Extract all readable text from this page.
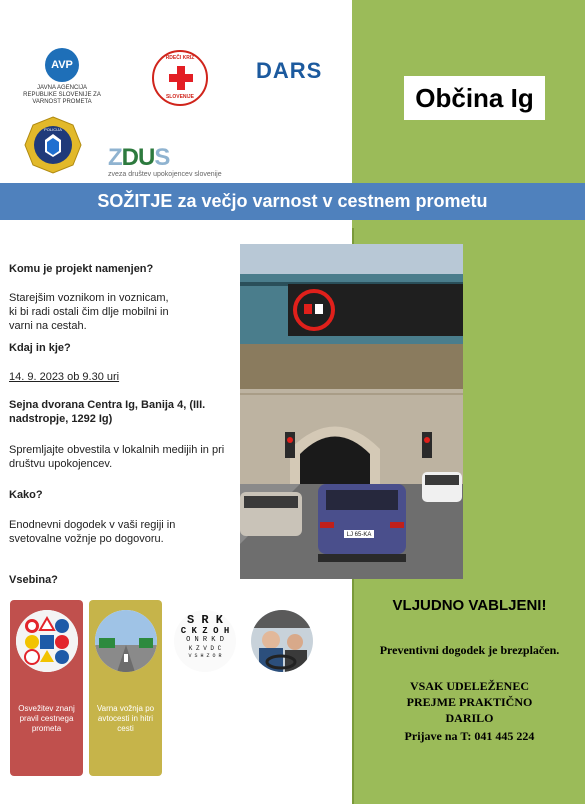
AVP
JAVNA AGENCIJA REPUBLIKE SLOVENIJE ZA VARNOST PROMETA
RDEČI KRIŽ
SLOVENIJE
DARS
POLICIJA
ZDUS
zveza društev upokojencev slovenije
Občina Ig
SOŽITJE za večjo varnost v cestnem prometu
Komu je projekt namenjen?
Starejšim voznikom in voznicam, ki bi radi ostali čim dlje mobilni in varni na cestah.
Kdaj in kje?
14. 9. 2023 ob 9.30 uri
Sejna dvorana Centra Ig, Banija 4, (III. nadstropje, 1292 Ig)
Spremljajte obvestila v lokalnih medijih in pri društvu upokojencev.
Kako?
Enodnevni dogodek v vaši regiji in svetovalne vožnje po dogovoru.
Vsebina?
LJ 65-KA
Osvežitev znanj pravil cestnega prometa
Varna vožnja po avtocesti in hitri cesti
S R K
C K Z O H
O N R K D
K Z V D C
V S H Z O R
Svetovanje o zdravstvenih kriterijih za vožnjo
Možnost svetovalne vožnje z ocenjevalcem na vozniškem izpitu
VLJUDNO VABLJENI!
Preventivni dogodek je brezplačen.
VSAK UDELEŽENEC PREJME PRAKTIČNO DARILO
Prijave na T: 041 445 224
